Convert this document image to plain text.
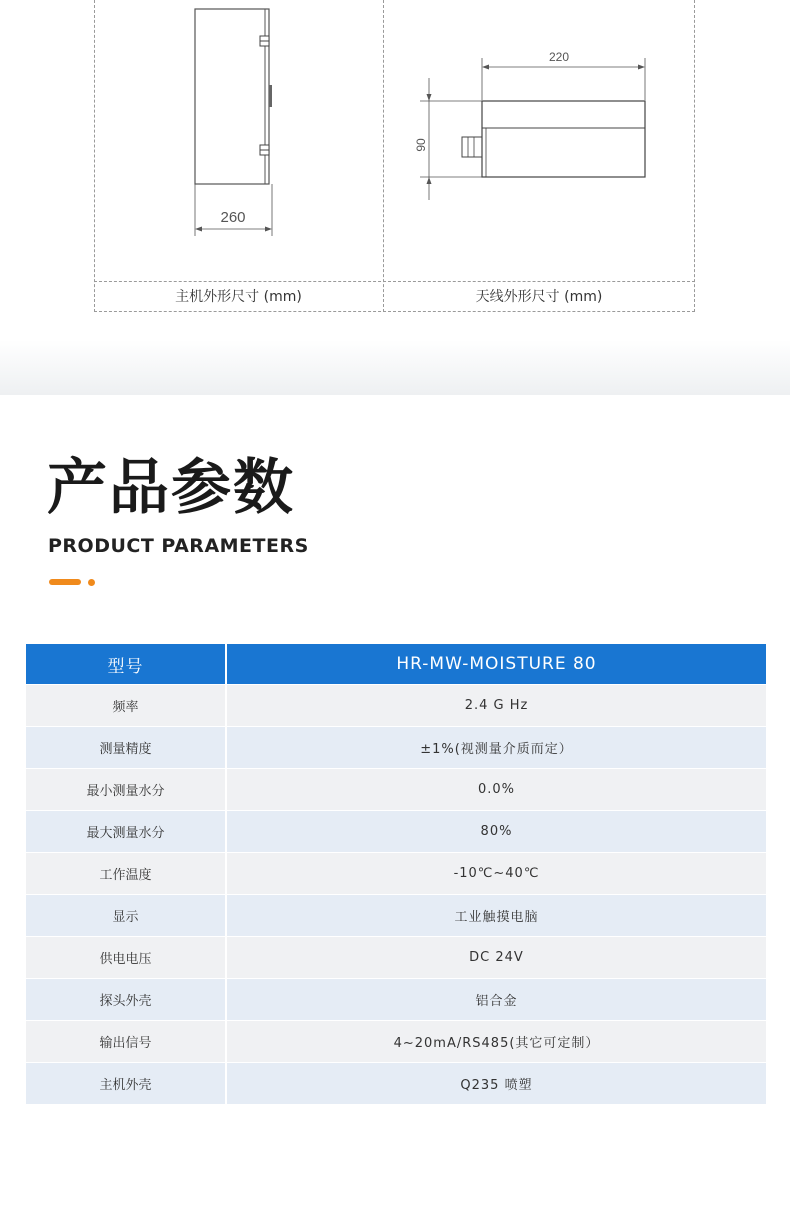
260
220
90
主机外形尺寸 (mm)	天线外形尺寸 (mm)
产品参数
PRODUCT PARAMETERS
型号	HR-MW-MOISTURE 80
频率	2.4 G Hz
测量精度	±1%(视测量介质而定）
最小测量水分	0.0%
最大测量水分	80%
工作温度	-10℃~40℃
显示	工业触摸电脑
供电电压	DC 24V
探头外壳	铝合金
输出信号	4~20mA/RS485(其它可定制）
主机外壳	Q235 喷塑
